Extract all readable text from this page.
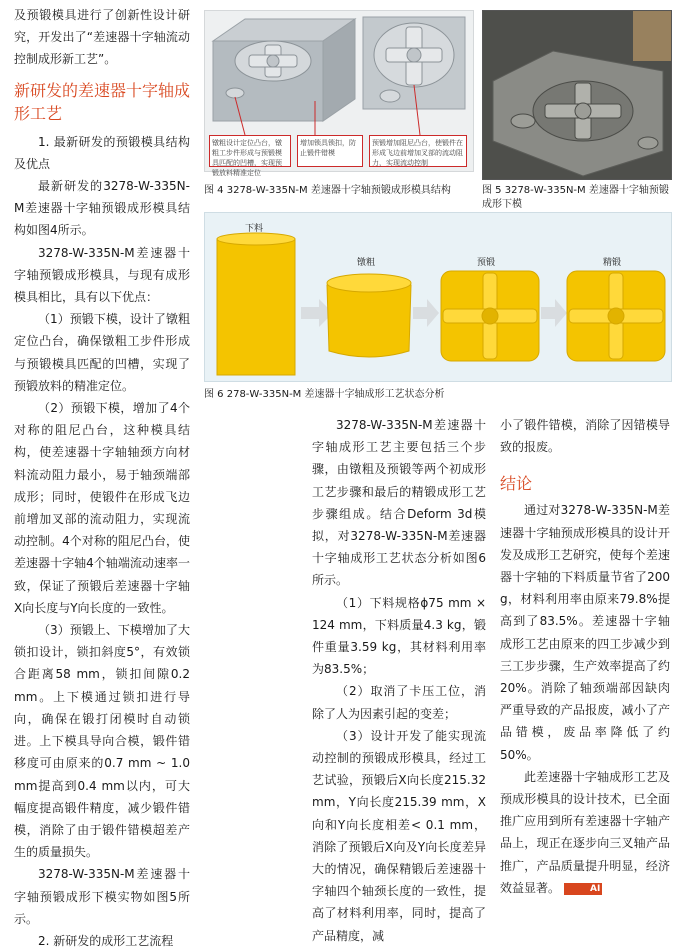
及预锻模具进行了创新性设计研究，开发出了“差速器十字轴流动控制成形新工艺”。

新研发的差速器十字轴成形工艺

1. 最新研发的预锻模具结构及优点

最新研发的3278-W-335N-M差速器十字轴预锻成形模具结构如图4所示。

3278-W-335N-M差速器十字轴预锻成形模具，与现有成形模具相比，具有以下优点：

（1）预锻下模，设计了镦粗定位凸台，确保镦粗工步件形成与预锻模具匹配的凹槽，实现了预锻放料的精准定位。

（2）预锻下模，增加了4个对称的阻尼凸台，这种模具结构，使差速器十字轴轴颈方向材料流动阻力最小，易于轴颈端部成形；同时，使锻件在形成飞边前增加叉部的流动阻力，实现流动控制。4个对称的阻尼凸台，使差速器十字轴4个轴端流动速率一致，保证了预锻后差速器十字轴X向长度与Y向长度的一致性。

（3）预锻上、下模增加了大锁扣设计，锁扣斜度5°，有效锁合距离58 mm，锁扣间隙0.2 mm。上下模通过锁扣进行导向，确保在锻打闭模时自动锁进。上下模具导向合模，锻件错移度可由原来的0.7 mm ~ 1.0 mm提高到0.4 mm以内，可大幅度提高锻件精度，减少锻件错模，消除了由于锻件错模超差产生的质量损失。

3278-W-335N-M差速器十字轴预锻成形下模实物如图5所示。

2. 新研发的成形工艺流程

镦粗设计定位凸台，镦粗工步件形成与预锻模具匹配的凹槽，实现预锻放料精准定位
增加锁具锁扣，防止锻件错模
预锻增加阻尼凸台，使锻件在形成飞边前增加叉部的流动阻力，实现流动控制
图 4 3278-W-335N-M 差速器十字轴预锻成形模具结构	图 5 3278-W-335N-M 差速器十字轴预锻成形下模
下料
镦粗	预锻	精锻
图 6 278-W-335N-M 差速器十字轴成形工艺状态分析

3278-W-335N-M差速器十字轴成形工艺主要包括三个步骤，由镦粗及预锻等两个初成形工艺步骤和最后的精锻成形工艺步骤组成。结合Deform 3d模拟，对3278-W-335N-M差速器十字轴成形工艺状态分析如图6所示。

（1）下料规格ϕ75 mm × 124 mm，下料质量4.3 kg，锻件重量3.59 kg，其材料利用率为83.5%；

（2）取消了卡压工位，消除了人为因素引起的变差；

（3）设计开发了能实现流动控制的预锻成形模具，经过工艺试验，预锻后X向长度215.32 mm，Y向长度215.39 mm，X向和Y向长度相差< 0.1 mm，消除了预锻后X向及Y向长度差异大的情况，确保精锻后差速器十字轴四个轴颈长度的一致性，提高了材料利用率，同时，提高了产品精度，减

小了锻件错模，消除了因错模导致的报废。

结论

通过对3278-W-335N-M差速器十字轴预成形模具的设计开发及成形工艺研究，使每个差速器十字轴的下料质量节省了200 g，材料利用率由原来79.8%提高到了83.5%。差速器十字轴成形工艺由原来的四工步减少到三工步步骤，生产效率提高了约20%。消除了轴颈端部因缺肉严重导致的产品报废，减小了产品错模，废品率降低了约50%。

此差速器十字轴成形工艺及预成形模具的设计技术，已全面推广应用到所有差速器十字轴产品上，现正在逐步向三叉轴产品推广，产品质量提升明显，经济效益显著。	AI
